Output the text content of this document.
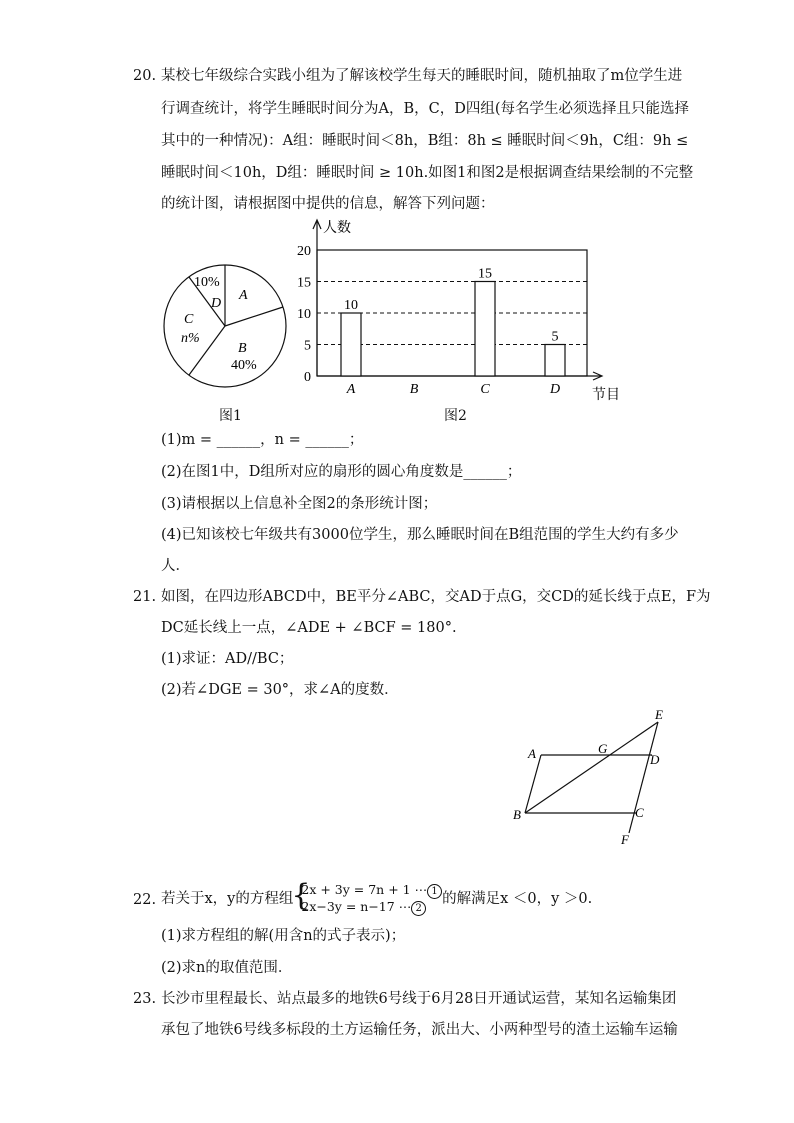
20. 某校七年级综合实践小组为了解该校学生每天的睡眠时间，随机抽取了m位学生进
行调查统计，将学生睡眠时间分为A，B，C，D四组(每名学生必须选择且只能选择
其中的一种情况)：A组：睡眠时间＜8h，B组：8h ≤ 睡眠时间＜9h，C组：9h ≤
睡眠时间＜10h，D组：睡眠时间 ≥ 10h.如图1和图2是根据调查结果绘制的不完整
的统计图，请根据图中提供的信息，解答下列问题：
10%
D
A
C
n%
B
40%
图1
人数
节目
0
5
10
15
20
A
10
B	C
15
D
5
图2
(1)m = ______，n = ______；
(2)在图1中，D组所对应的扇形的圆心角度数是______；
(3)请根据以上信息补全图2的条形统计图；
(4)已知该校七年级共有3000位学生，那么睡眠时间在B组范围的学生大约有多少
人．
21. 如图，在四边形ABCD中，BE平分∠ABC，交AD于点G，交CD的延长线于点E，F为
DC延长线上一点，∠ADE + ∠BCF = 180°.
(1)求证：AD//BC；
(2)若∠DGE = 30°，求∠A的度数．
E
A	G
D
B	C
F
22. 若关于x，y的方程组
{
2x + 3y = 7n + 1 ⋯ 1
2x−3y = n−17 ⋯ 2
的解满足x ＜0，y ＞0.
(1)求方程组的解(用含n的式子表示)；
(2)求n的取值范围．
23. 长沙市里程最长、站点最多的地铁6号线于6月28日开通试运营，某知名运输集团
承包了地铁6号线多标段的土方运输任务，派出大、小两种型号的渣土运输车运输
